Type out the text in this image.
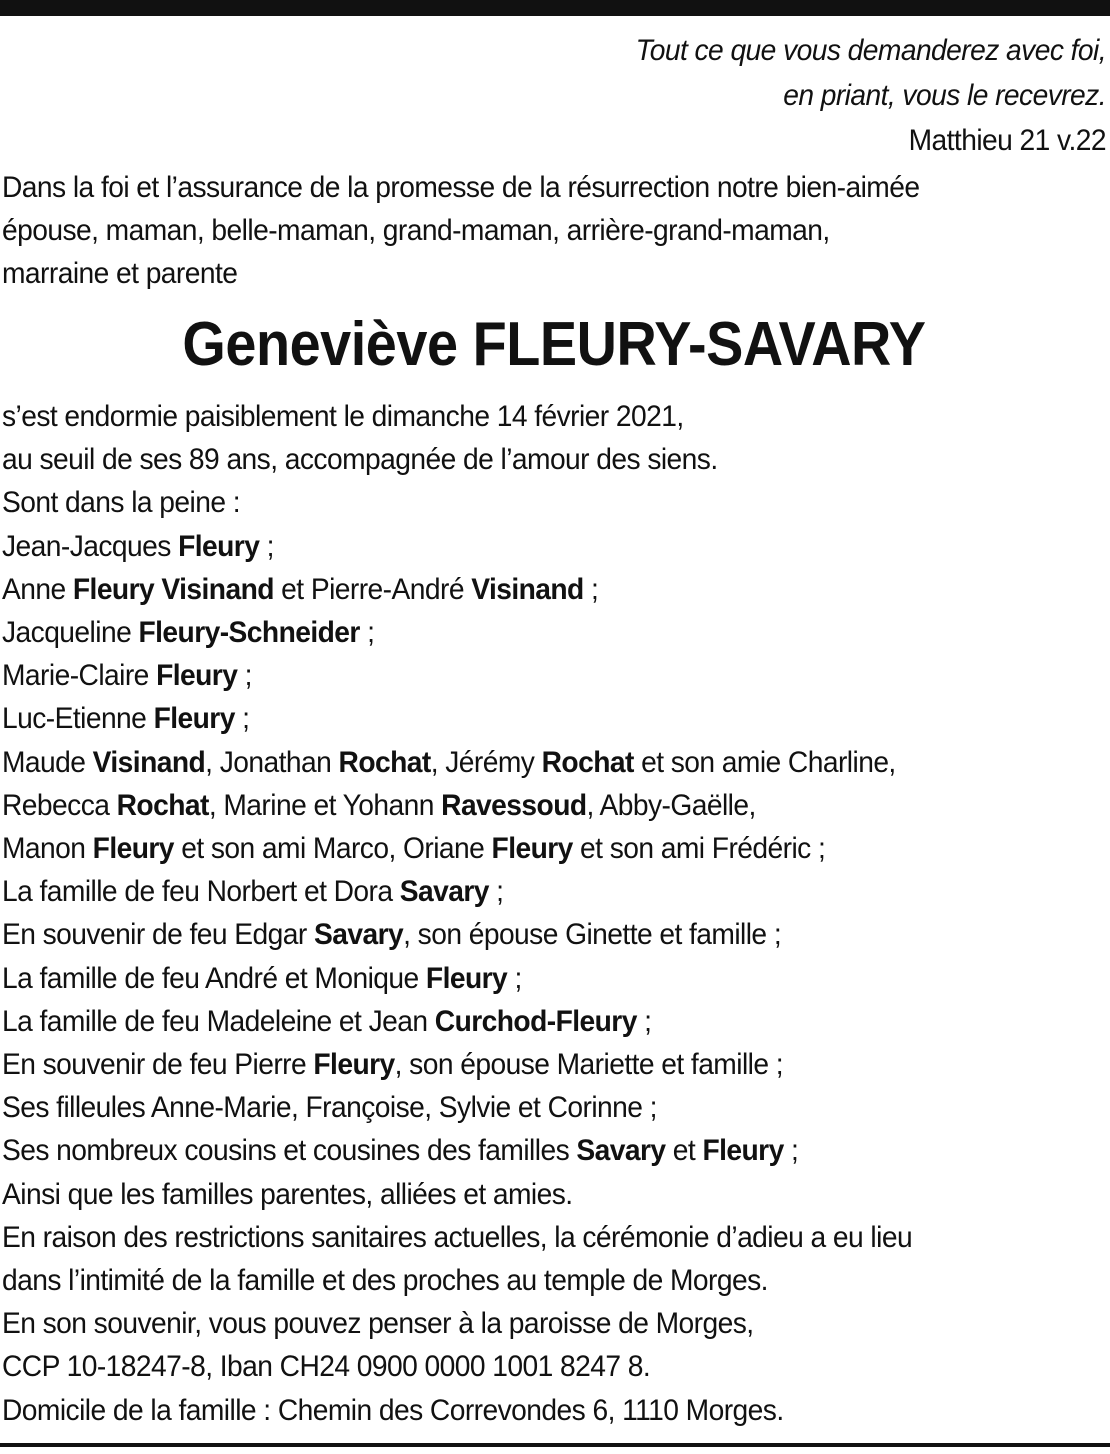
Tout ce que vous demanderez avec foi,
en priant, vous le recevrez.
Matthieu 21 v.22
Dans la foi et l’assurance de la promesse de la résurrection notre bien-aimée
épouse, maman, belle-maman, grand-maman, arrière-grand-maman,
marraine et parente
Geneviève FLEURY-SAVARY
s’est endormie paisiblement le dimanche 14 février 2021,
au seuil de ses 89 ans, accompagnée de l’amour des siens.
Sont dans la peine :
Jean-Jacques Fleury ;
Anne Fleury Visinand et Pierre-André Visinand ;
Jacqueline Fleury-Schneider ;
Marie-Claire Fleury ;
Luc-Etienne Fleury ;
Maude Visinand, Jonathan Rochat, Jérémy Rochat et son amie Charline,
Rebecca Rochat, Marine et Yohann Ravessoud, Abby-Gaëlle,
Manon Fleury et son ami Marco, Oriane Fleury et son ami Frédéric ;
La famille de feu Norbert et Dora Savary ;
En souvenir de feu Edgar Savary, son épouse Ginette et famille ;
La famille de feu André et Monique Fleury ;
La famille de feu Madeleine et Jean Curchod-Fleury ;
En souvenir de feu Pierre Fleury, son épouse Mariette et famille ;
Ses filleules Anne-Marie, Françoise, Sylvie et Corinne ;
Ses nombreux cousins et cousines des familles Savary et Fleury ;
Ainsi que les familles parentes, alliées et amies.
En raison des restrictions sanitaires actuelles, la cérémonie d’adieu a eu lieu
dans l’intimité de la famille et des proches au temple de Morges.
En son souvenir, vous pouvez penser à la paroisse de Morges,
CCP 10-18247-8, Iban CH24 0900 0000 1001 8247 8.
Domicile de la famille : Chemin des Correvondes 6, 1110 Morges.
